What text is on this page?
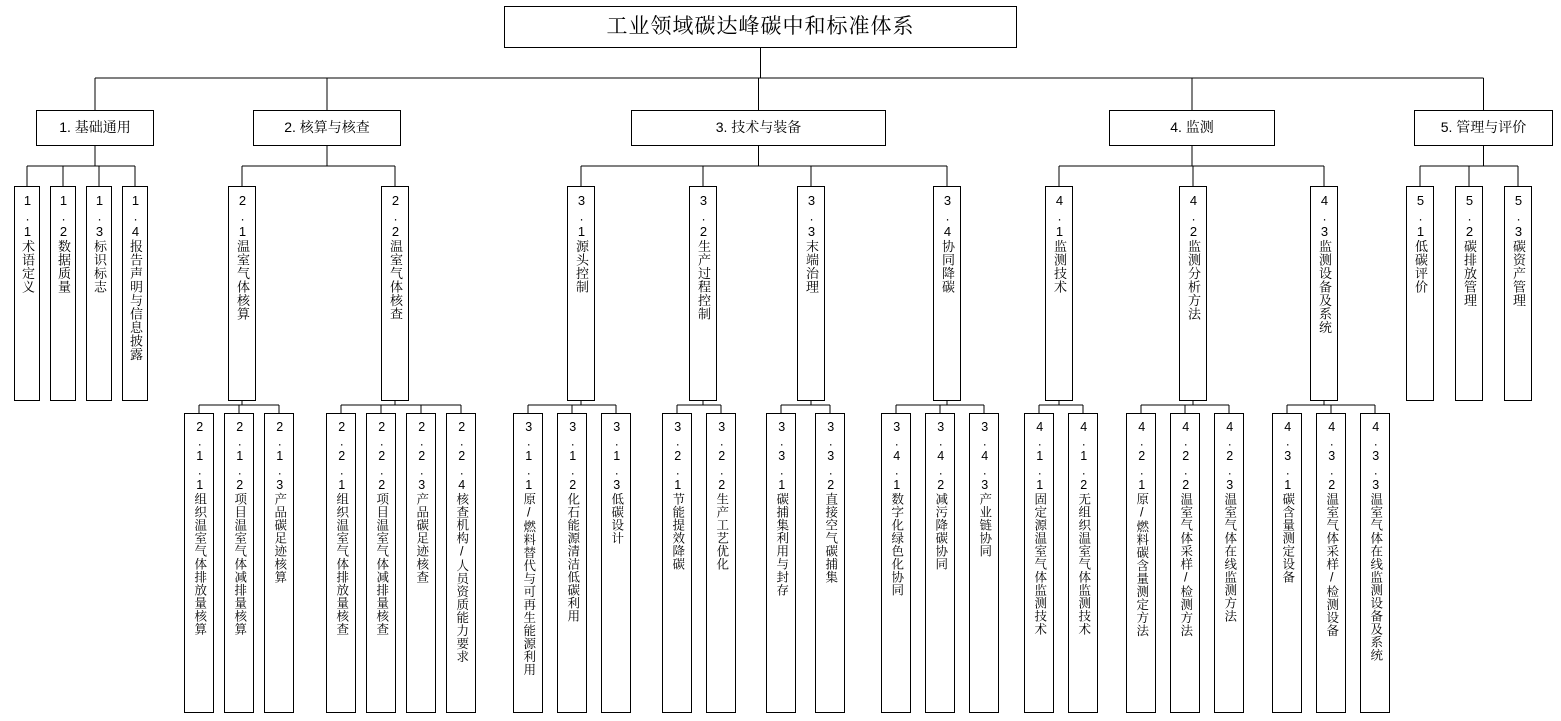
工业领域碳达峰碳中和标准体系
1. 基础通用	2. 核算与核查	3. 技术与装备	4. 监测	5. 管理与评价
1.1术语定义 1.2数据质量 1.3标识标志 1.4报告声明与信息披露	2.1温室气体核算	2.2温室气体核查	3.1源头控制	3.2生产过程控制	3.3末端治理	3.4协同降碳	4.1监测技术	4.2监测分析方法	4.3监测设备及系统	5.1低碳评价	5.2碳排放管理	5.3碳资产管理
2.1.1组织温室气体排放量核算 2.1.2项目温室气体减排量核算 2.1.3产品碳足迹核算	2.2.1组织温室气体排放量核查 2.2.2项目温室气体减排量核查 2.2.3产品碳足迹核查 2.2.4核查机构/人员资质能力要求	3.1.1原/燃料替代与可再生能源利用 3.1.2化石能源清洁低碳利用 3.1.3低碳设计	3.2.1节能提效降碳 3.2.2生产工艺优化	3.3.1碳捕集利用与封存	3.3.2直接空气碳捕集	3.4.1数字化绿色化协同 3.4.2减污降碳协同 3.4.3产业链协同	4.1.1固定源温室气体监测技术 4.1.2无组织温室气体监测技术	4.2.1原/燃料碳含量测定方法 4.2.2温室气体采样/检测方法 4.2.3温室气体在线监测方法	4.3.1碳含量测定设备 4.3.2温室气体采样/检测设备 4.3.3温室气体在线监测设备及系统
